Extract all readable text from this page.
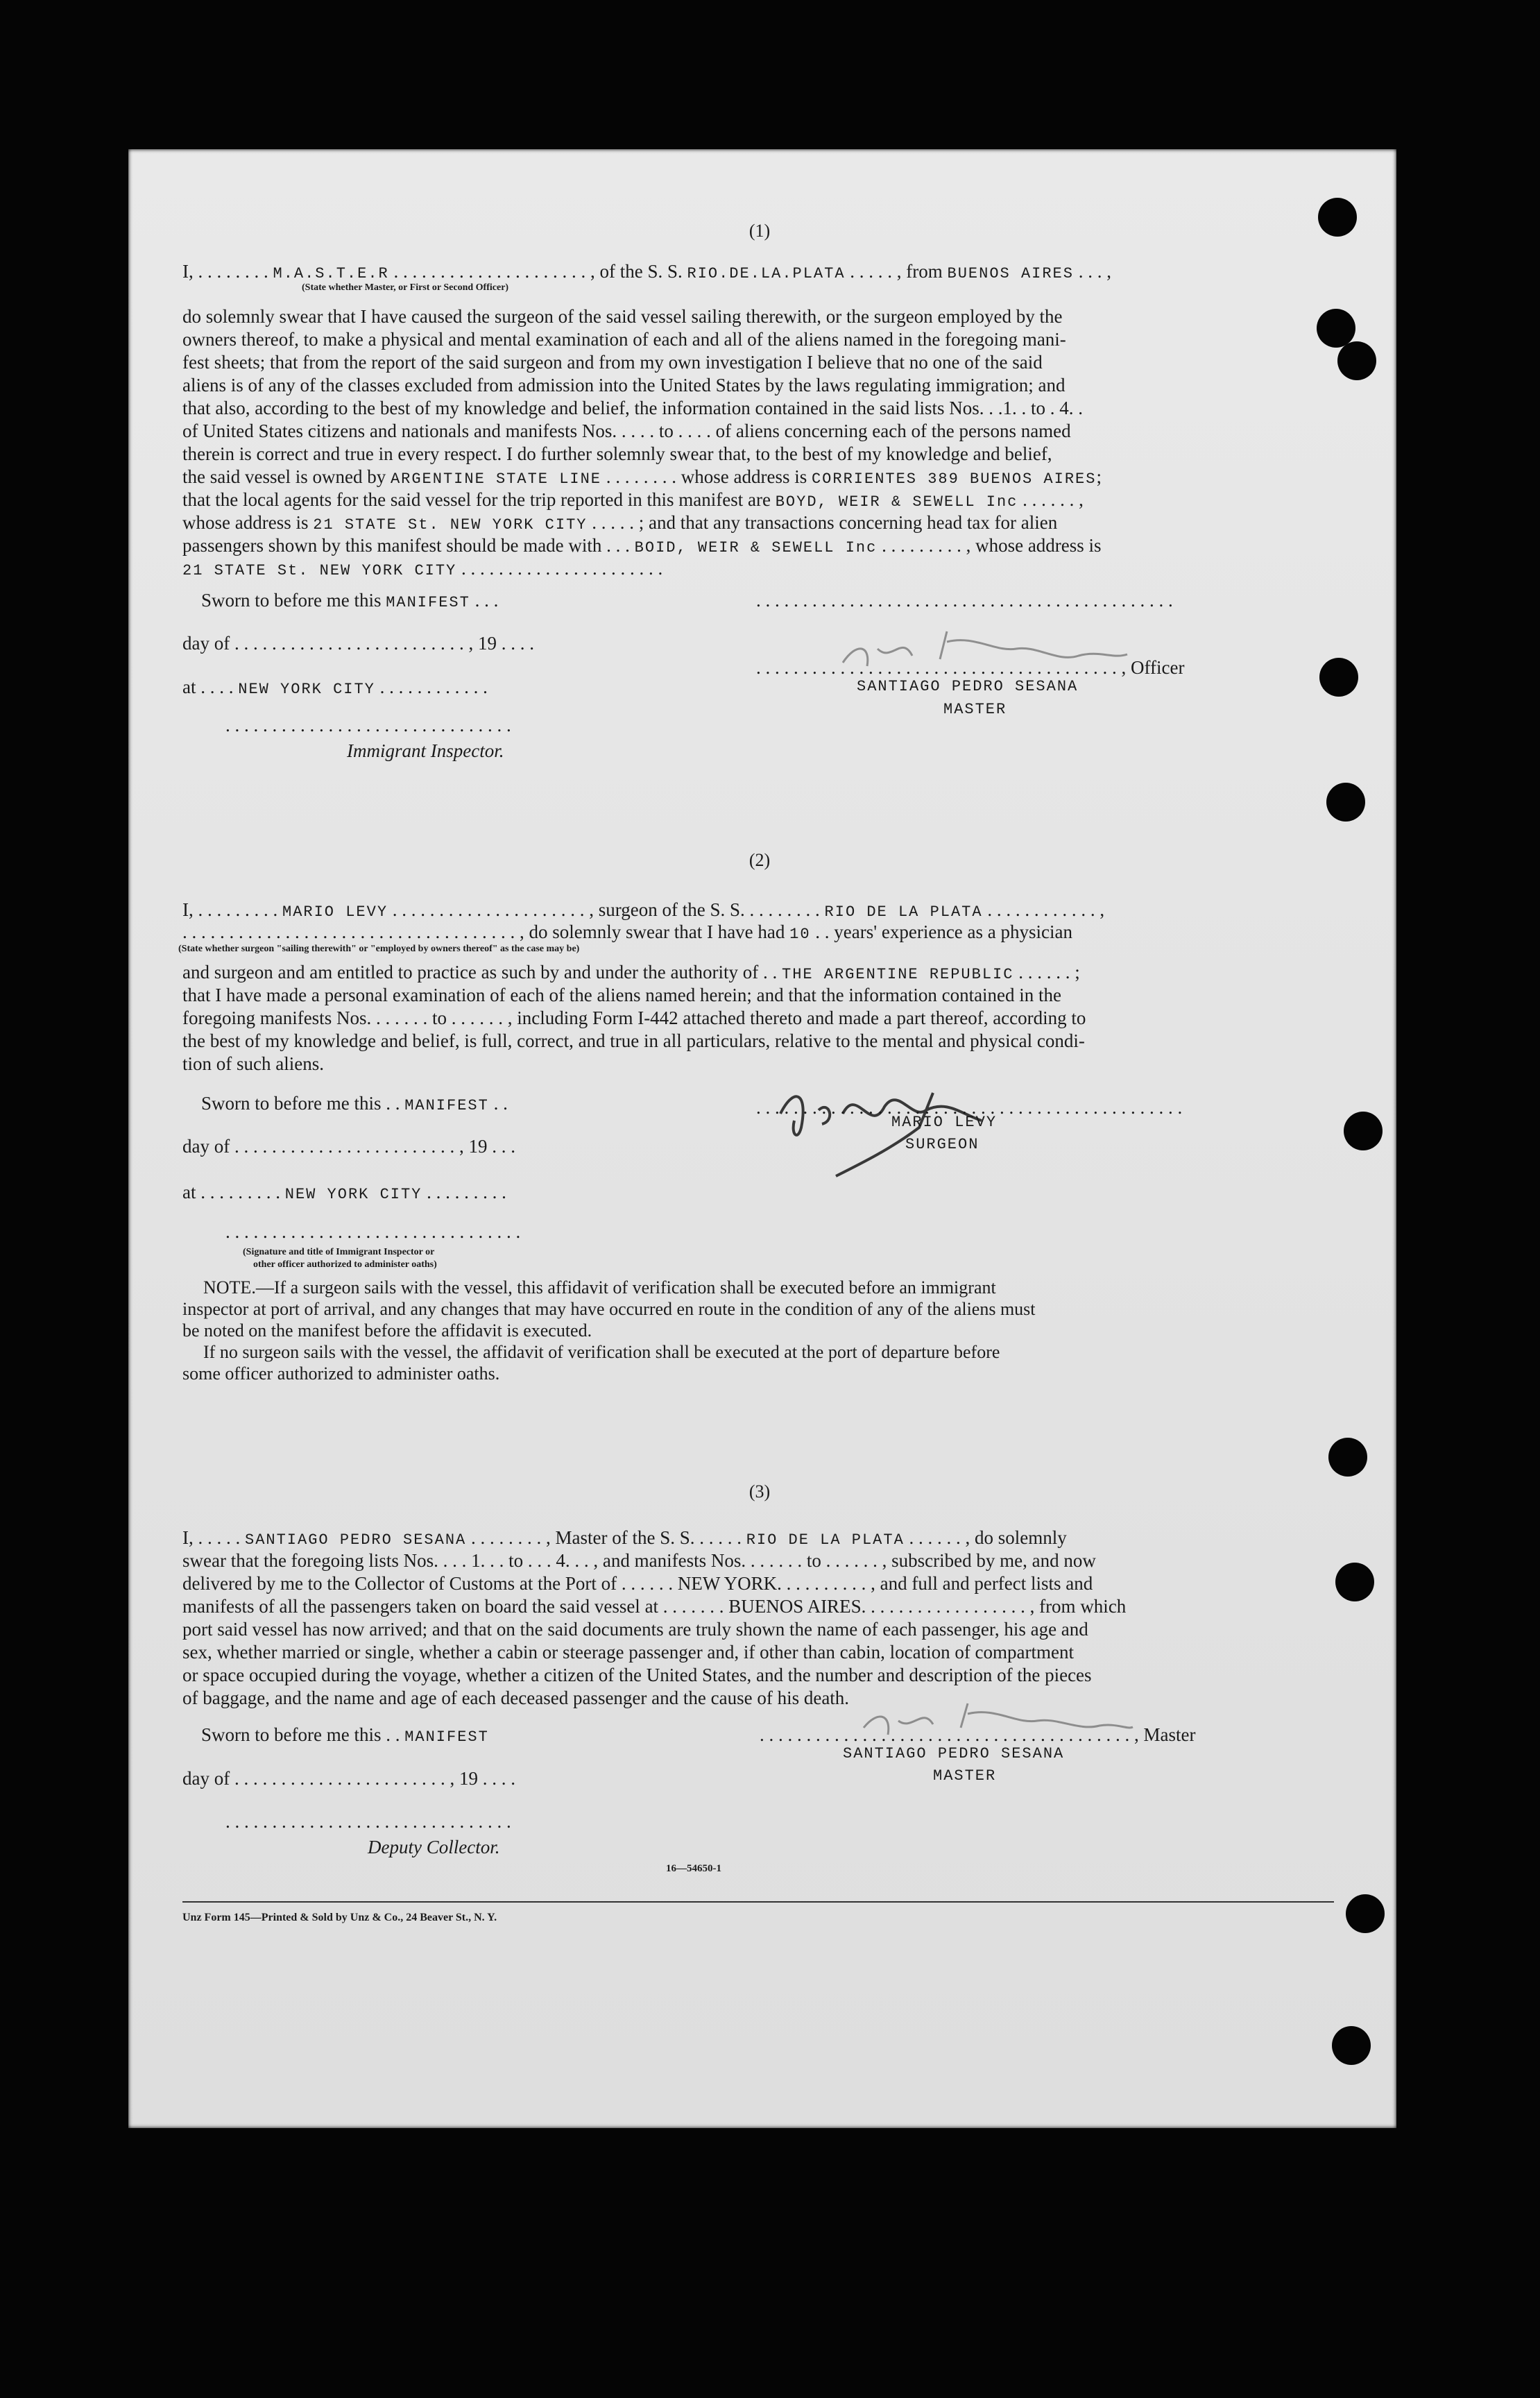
(1)
I, . . . . . . . . M.A.S.T.E.R . . . . . . . . . . . . . . . . . . . . . , of the S. S. RIO.DE.LA.PLATA . . . . . , from BUENOS AIRES . . . ,
(State whether Master, or First or Second Officer)
do solemnly swear that I have caused the surgeon of the said vessel sailing therewith, or the surgeon employed by the
owners thereof, to make a physical and mental examination of each and all of the aliens named in the foregoing mani-
fest sheets; that from the report of the said surgeon and from my own investigation I believe that no one of the said
aliens is of any of the classes excluded from admission into the United States by the laws regulating immigration; and
that also, according to the best of my knowledge and belief, the information contained in the said lists Nos. . .1. . to . 4. .
of United States citizens and nationals and manifests Nos. . . . . to . . . . of aliens concerning each of the persons named
therein is correct and true in every respect. I do further solemnly swear that, to the best of my knowledge and belief,
the said vessel is owned by ARGENTINE STATE LINE . . . . . . . . whose address is CORRIENTES 389 BUENOS AIRES;
that the local agents for the said vessel for the trip reported in this manifest are BOYD, WEIR & SEWELL Inc . . . . . . ,
whose address is 21 STATE St. NEW YORK CITY . . . . . ; and that any transactions concerning head tax for alien
passengers shown by this manifest should be made with . . . BOID, WEIR & SEWELL Inc . . . . . . . . . , whose address is
21 STATE St. NEW YORK CITY . . . . . . . . . . . . . . . . . . . . . .
Sworn to before me this MANIFEST . . .	. . . . . . . . . . . . . . . . . . . . . . . . . . . . . . . . . . . . . . . . . . . . .
day of . . . . . . . . . . . . . . . . . . . . . . . . . , 19 . . . .
. . . . . . . . . . . . . . . . . . . . . . . . . . . . . . . . . . . . . . . , Officer
at . . . . NEW YORK CITY . . . . . . . . . . . .	SANTIAGO PEDRO SESANA
MASTER
. . . . . . . . . . . . . . . . . . . . . . . . . . . . . . .
Immigrant Inspector.
(2)
I, . . . . . . . . . MARIO LEVY . . . . . . . . . . . . . . . . . . . . . , surgeon of the S. S. . . . . . . . . RIO DE LA PLATA . . . . . . . . . . . . ,
. . . . . . . . . . . . . . . . . . . . . . . . . . . . . . . . . . . . , do solemnly swear that I have had 10 . . years' experience as a physician
(State whether surgeon "sailing therewith" or "employed by owners thereof" as the case may be)
and surgeon and am entitled to practice as such by and under the authority of . . THE ARGENTINE REPUBLIC . . . . . . ;
that I have made a personal examination of each of the aliens named herein; and that the information contained in the
foregoing manifests Nos. . . . . . . to . . . . . . , including Form I-442 attached thereto and made a part thereof, according to
the best of my knowledge and belief, is full, correct, and true in all particulars, relative to the mental and physical condi-
tion of such aliens.
Sworn to before me this . . MANIFEST . .	. . . . . . . . . . . . . . . . . . . . . . . . . . . . . . . . . . . . . . . . . . . . . .
day of . . . . . . . . . . . . . . . . . . . . . . . . , 19 . . .
MARIO LEVY
SURGEON
at . . . . . . . . . NEW YORK CITY . . . . . . . . .
. . . . . . . . . . . . . . . . . . . . . . . . . . . . . . . .
(Signature and title of Immigrant Inspector or
other officer authorized to administer oaths)
NOTE.—If a surgeon sails with the vessel, this affidavit of verification shall be executed before an immigrant
inspector at port of arrival, and any changes that may have occurred en route in the condition of any of the aliens must
be noted on the manifest before the affidavit is executed.
If no surgeon sails with the vessel, the affidavit of verification shall be executed at the port of departure before
some officer authorized to administer oaths.
(3)
I, . . . . . SANTIAGO PEDRO SESANA . . . . . . . . , Master of the S. S. . . . . . RIO DE LA PLATA . . . . . . , do solemnly
swear that the foregoing lists Nos. . . . 1. . . to . . . 4. . . , and manifests Nos. . . . . . . to . . . . . . , subscribed by me, and now
delivered by me to the Collector of Customs at the Port of . . . . . . NEW YORK. . . . . . . . . . , and full and perfect lists and
manifests of all the passengers taken on board the said vessel at . . . . . . . BUENOS AIRES. . . . . . . . . . . . . . . . . . , from which
port said vessel has now arrived; and that on the said documents are truly shown the name of each passenger, his age and
sex, whether married or single, whether a cabin or steerage passenger and, if other than cabin, location of compartment
or space occupied during the voyage, whether a citizen of the United States, and the number and description of the pieces
of baggage, and the name and age of each deceased passenger and the cause of his death.
Sworn to before me this . . MANIFEST	. . . . . . . . . . . . . . . . . . . . . . . . . . . . . . . . . . . . . . . . , Master
SANTIAGO PEDRO SESANA
MASTER
day of . . . . . . . . . . . . . . . . . . . . . . . , 19 . . . .
. . . . . . . . . . . . . . . . . . . . . . . . . . . . . . .
Deputy Collector.
16—54650-1
Unz Form 145—Printed & Sold by Unz & Co., 24 Beaver St., N. Y.
